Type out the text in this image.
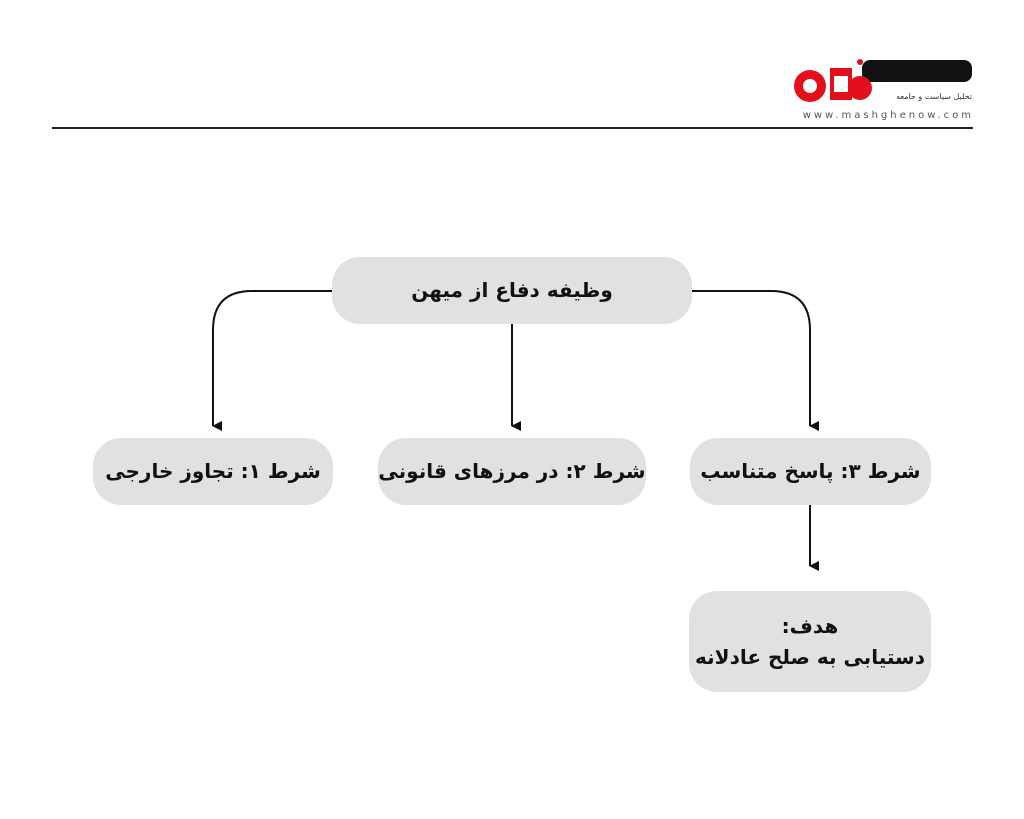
تحلیل سیاست و جامعه
www.mashghenow.com
وظیفه دفاع از میهن
شرط ۱: تجاوز خارجی	شرط ۲: در مرزهای قانونی	شرط ۳: پاسخ متناسب
هدف:
دستیابی به صلح عادلانه
